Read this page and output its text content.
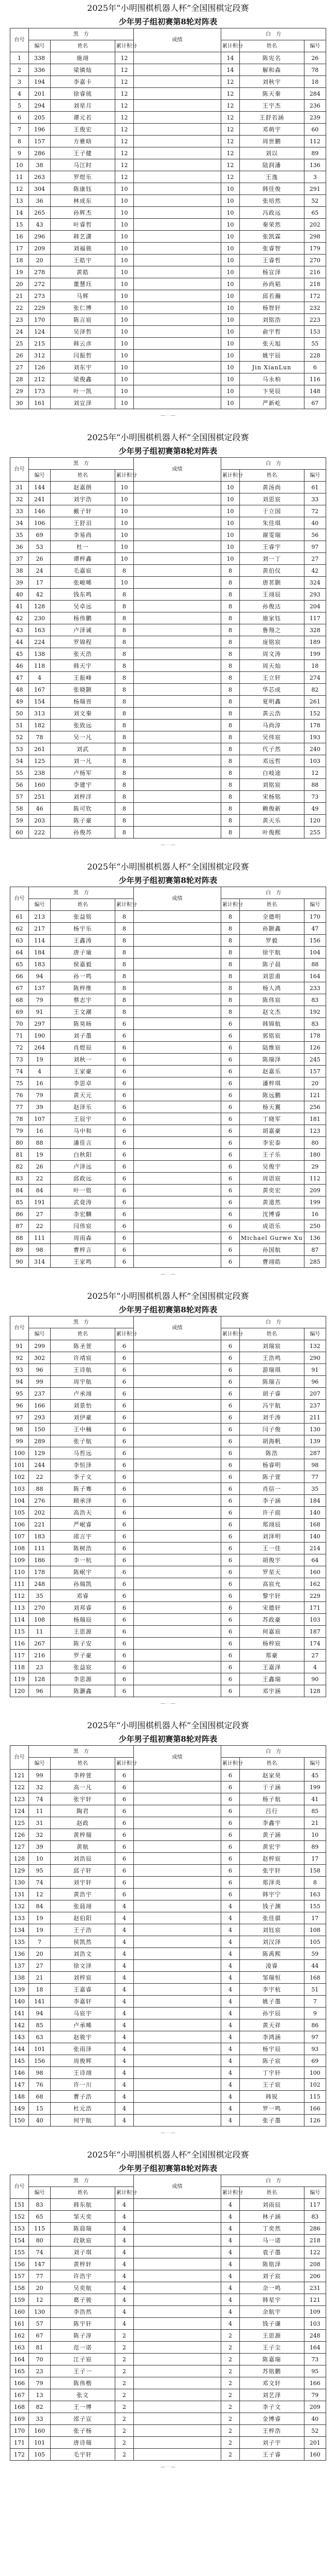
2025年“小明围棋机器人杯”全国围棋定段赛
少年男子组初赛第8轮对阵表
台号	黑　方			成绩	白　方		
	编号	姓名	累计积分		累计积分	姓名	编号
1	338	施翊	12		14	陈宪名	26
2	336	梁镇灿	12		14	解和森	78
3	194	李嘉卡	12		12	刘秋宇	18
4	201	徐睿琉	12		12	陈天秦	284
5	294	刘星月	12		12	王宇杰	236
6	205	谭元若	12		12	王舒若涵	239
7	196	王俊宏	12		12	邓萌宇	60
8	157	方雅晗	12		12	周世鹏	112
9	286	王子健	12		12	刘以	89
10	38	马江时	12		12	陆润潘	136
11	263	罗煜乐	12		12	王逸	3
12	304	陈康钰	10		10	韩佳俊	291
13	36	林成东	10		10	张培然	52
14	265	孙辉杰	10		10	冯政远	65
15	43	叶睿哲	10		10	秦荣然	202
16	296	韩艺潇	10		10	张凯霖	298
17	209	刘福骏	10		10	张睿智	179
18	20	王皓宇	10		10	王睿哲	270
19	278	黄皓	10		10	杨宣泽	216
20	272	董慧珏	10		10	孙尚韬	218
21	273	马辉	10		10	邱若瀚	172
22	229	张仁博	10		10	杨智轩	232
23	170	陈言宸	10		10	刘铭浩	223
24	124	吴泽哲	10		10	俞宇哲	153
25	215	韩云彦	10		10	张天旭	55
26	312	闫振哲	10		10	姚宇辰	228
27	126	刘东宇	10		10	Jin XianLun	6
28	212	梁俊鑫	10		10	马永柏	116
29	173	叶一凯	10		10	卞昊辰	148
30	161	刘宣泽	10		10	严新屹	67
— · —
2025年“小明围棋机器人杯”全国围棋定段赛
少年男子组初赛第8轮对阵表
台号	黑　方			成绩	白　方		
	编号	姓名	累计积分		累计积分	姓名	编号
31	144	赵嘉朗	10		10	黄汤尚	61
32	241	刘宇浩	10		10	刘思宸	33
33	146	戴子轩	10		10	于立国	72
34	106	王舒羽	10		10	朱佳琪	40
35	69	李易尚	10		10	谢雯瑞	56
36	53	杜一	10		10	王睿宇	97
37	26	谭梓鑫	10		10	刘一丁	27
38	24	毛嘉宸	8		8	黄伯仪	42
39	17	张峻晞	10		8	唐茗颢	324
40	42	钱东鸣	8		8	王翊辰	293
41	128	吴卓远	8		8	孙俊达	204
42	230	杨伟鹏	8		8	施家钰	117
43	163	卢泽诚	8		8	鲁翔之	328
44	224	罗锦程	8		8	庞铭宸	189
45	138	张天浩	8		8	周文涛	199
46	118	韩天宇	8		8	周天灿	18
47	4	王振峰	8		8	王立轩	274
48	167	张晓颢	8		8	华芯成	82
49	154	杨瑞晋	8		8	夏明鑫	261
50	313	刘文秦	8		8	黄云浩	152
51	182	张致远	8		8	马尚淳	178
52	78	吴一凡	8		8	吴伟宸	193
53	261	刘武	8		8	代子然	240
54	125	刘一凡	8		8	邓远哲	103
55	238	卢杨军	8		8	白岐途	12
56	160	李建宇	8		8	刘铭宸	88
57	251	刘梓洋	8		8	宋杨铭	73
58	46	陈可钦	8		8	赖俊新	49
59	203	陈子豪	8		8	黄天乐	120
60	222	孙俊苏	8		8	叶俊熙	255
— · —
2025年“小明围棋机器人杯”全国围棋定段赛
少年男子组初赛第8轮对阵表
台号	黑　方			成绩	白　方		
	编号	姓名	累计积分		累计积分	姓名	编号
61	213	张益铭	8		8	全德明	170
62	217	杨宇乐	8		8	孙颢鑫	47
63	114	王鑫涛	8		8	罗毅	156
64	184	唐子瑜	8		8	徐宇航	104
65	183	侯嘉毅	8		8	陈子晨	88
66	94	孙一鸣	8		8	刘思甫	164
67	137	陈梓维	8		8	杨人鸿	233
68	79	蔡志宇	8		8	陈伟宸	83
69	91	王文潮	8		8	赵文杰	192
70	297	陈昊旸	6		6	韩锦航	83
71	190	刘子墨	6		6	郭铭宸	178
72	264	肖煜辰	6		6	陆维宸	126
73	19	刘秋一	6		6	陈瑞泽	245
74	4	王家豪	6		6	赵嘉乐	157
75	16	李思卓	6		6	潘梓琪	20
76	79	黄天元	6		6	陈远鹏	121
77	39	赵泽乐	6		6	杨天翼	256
78	107	王辰宇	6		6	丁晓军	181
79	16	马中和	6		6	胡嘉豪	123
80	88	潘佳言	6		6	李宏泰	80
81	19	白秋阳	6		6	王子乐	180
82	26	卢泽远	6		6	吴俊宇	29
83	22	邱政远	6		6	周语宸	112
84	84	叶一铭	6		6	黄奕宏	209
85	191	武竟涛	6		6	黄道然	199
86	27	李宏麟	6		6	沈博睿	16
87	22	闫伟宸	6		6	成语乐	250
88	111	周雨森	6		6	Michael Gurwe Xu	136
89	98	曹梓言	6		6	孙国航	87
90	314	王家鸣	6		6	曹翊皓	285
— · —
2025年“小明围棋机器人杯”全国围棋定段赛
少年男子组初赛第8轮对阵表
台号	黑　方			成绩	白　方		
	编号	姓名	累计积分		累计积分	姓名	编号
91	299	陈圣萱	6		6	刘瑞宸	132
92	302	许靖宸	6		6	王浩鸣	290
93	96	王诗航	6		6	游瑞琪	91
94	99	周宇航	6		6	陈瑞吉	96
95	237	卢承翊	6		6	胡子睿	207
96	166	刘景怡	6		6	冯宇航	237
97	293	刘伊豪	6		6	刘千涛	211
98	150	王中楠	6		6	闫子俊	130
99	289	张子航	6		6	胡海帆	139
100	129	马哲远	6		6	陈浩	287
101	244	李恒泽	6		6	杨睿明	98
102	22	李子文	6		6	陈子萱	77
103	88	陈子骞	6		6	肖信一	35
104	276	顾承泽	6		6	李子涵	184
105	202	高浩天	6		6	许子庭	140
106	221	严岷睿	6		6	郑翊辰	168
107	183	邵言宇	6		6	刘泽明	140
108	111	陈树浩	6		6	王一佳	214
109	186	李一杭	6		6	胡俊宇	64
110	178	陈岷宇	6		6	罗星天	160
111	248	孙瑞凯	6		6	高宸允	162
112	35	邓睿	6		6	黎宇轩	229
113	270	刘邦睿	6		6	宋德轩	171
114	108	杨瑞辰	6		6	苏政豪	103
115	11	王思源	6		6	何嘉宸	187
116	267	陈子安	6		6	杨梓宸	174
117	216	罗子豪	6		6	郑豪	27
118	23	张益宸	6		6	王嘉泽	4
119	128	李思源	6		6	王鑫瑞	90
120	96	陈灏鑫	6		6	邓宇涵	128
— · —
2025年“小明围棋机器人杯”全国围棋定段赛
少年男子组初赛第8轮对阵表
台号	黑　方			成绩	白　方		
	编号	姓名	累计积分		累计积分	姓名	编号
121	99	李梓萱	6		6	赵家昊	45
122	32	高一凡	6		6	于子涵	199
123	74	张宇轩	6		6	杨子航	41
124	11	陶君	6		6	吕行	85
125	31	赵政	6		6	李鑫宇	21
126	32	黄梓瑞	6		6	黄子涵	10
127	39	黄航	6		6	黄宏宇	89
128	10	刘浩辰	6		6	赵梓宸	17
129	95	邱子轩	6		6	张宇轩	158
130	74	刘宇轩	6		6	郑泽炎	8
131	12	黄浩宇	6		6	韩宇宁	163
132	84	张晨翊	4		4	钱子渊	155
133	19	赵伯阳	4		4	张佳骐	17
134	19	王子浩	4		4	刘钰宸	108
135	7	侯凯然	4		4	刘汉泽	105
136	20	刘浩文	4		4	陈禹熙	59
137	27	徐文泽	4		4	凌睿	44
138	21	刘梓宸	4		4	邹瑞恒	168
139	18	王嘉睿	4		4	李宇杭	51
140	141	李嘉轩	4		4	姚子墨	7
141	94	马宸宇	4		4	孙宇辰	9
142	85	卢承晞	4		4	黄天祥	86
143	63	赵骏宇	4		4	李鸿涵	97
144	101	张雨泽	4		4	杨宇辰	93
145	156	周俊辉	4		4	陈子宸	69
146	98	王诗翊	4		4	丁宇轩	100
147	76	许一川	4		4	王子宸	102
148	68	曹子浩	4		4	韩锐	115
149	15	杜元浩	4		4	罗一鸣	166
150	40	何宇航	4		4	张子墨	126
— · —
2025年“小明围棋机器人杯”全国围棋定段赛
少年男子组初赛第8轮对阵表
台号	黑　方			成绩	白　方		
	编号	姓名	累计积分		累计积分	姓名	编号
151	83	韩东航	4		4	刘雨辰	117
152	65	邹天奕	4		4	林子涵	83
153	115	陈晨瑞	4		4	丁奕然	286
154	80	段耿宸	4		4	马一诺	218
155	74	刘子琪	4		4	袁子墨	122
156	147	黄梓轩	4		4	陈铭泽	208
157	77	许浩宇	4		4	刘子宸	206
158	20	吴奕航	4		4	余一鸣	231
159	12	葛子骏	4		4	韩星宇	121
160	130	李浩然	4		4	余航宇	109
161	57	陈宇轩	4		4	钱子谦	103
162	67	陈子淳	2		2	王思源	248
163	81	范一诺	2		2	王子尘	164
164	70	江子宸	2		2	陈嘉瑞	73
165	23	王子一	2		2	苏铭鹏	95
166	79	陈伟楷	2		2	邓文轩	166
167	13	张文	2		2	刘艺泽	79
168	82	王一博	2		2	李子文	209
169	33	邵子宣	2		2	金博睿	40
170	160	张子杨	2		2	王梓浩	52
171	101	唐诗瑞	2		2	刘子宇	201
172	105	毛宇轩	2		2	王子睿	160
— · —
